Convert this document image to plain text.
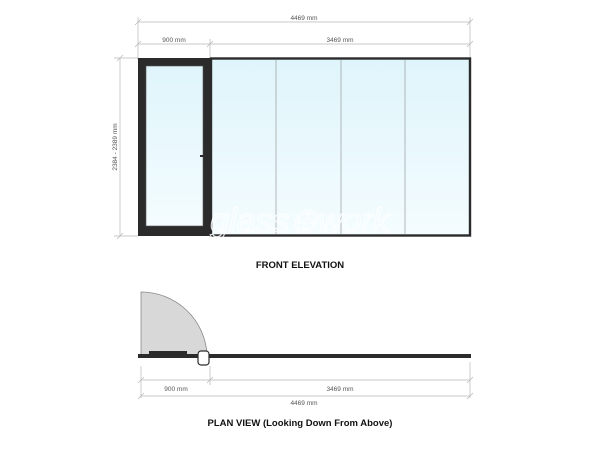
4469 mm
900 mm	3469 mm
2384 - 2389 mm
glass⊕work
FRONT ELEVATION
900 mm	3469 mm
4469 mm
PLAN VIEW (Looking Down From Above)
